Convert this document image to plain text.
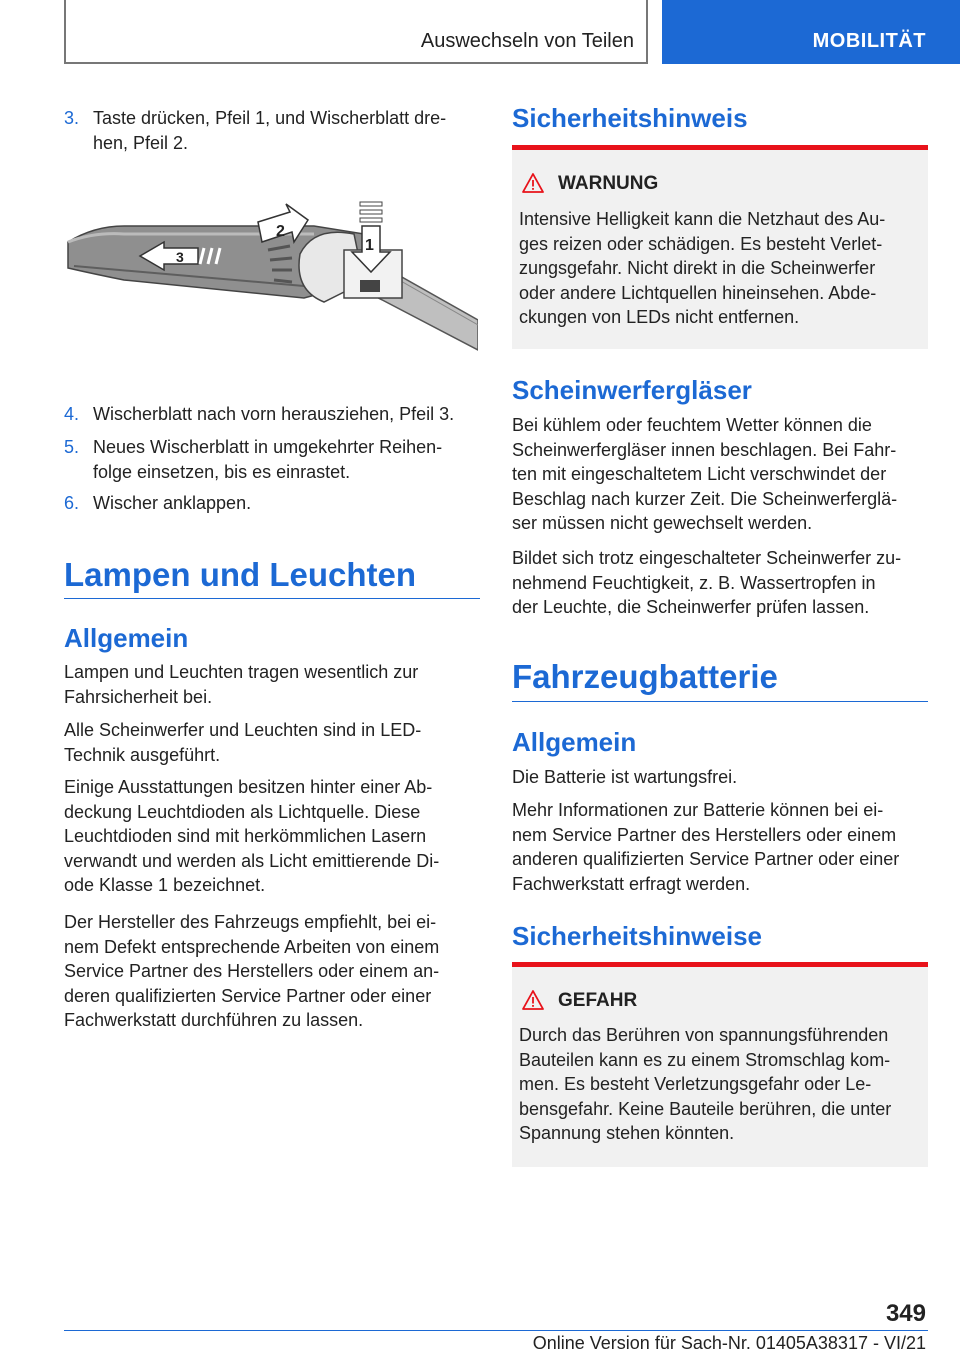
Auswechseln von Teilen	MOBILITÄT
3. Taste drücken, Pfeil 1, und Wischerblatt dre‐
hen, Pfeil 2.
1
2
3
4. Wischerblatt nach vorn herausziehen, Pfeil 3.
5. Neues Wischerblatt in umgekehrter Reihen‐
folge einsetzen, bis es einrastet.
6. Wischer anklappen.
Lampen und Leuchten
Allgemein
Lampen und Leuchten tragen wesentlich zur
Fahrsicherheit bei.
Alle Scheinwerfer und Leuchten sind in LED-
Technik ausgeführt.
Einige Ausstattungen besitzen hinter einer Ab‐
deckung Leuchtdioden als Lichtquelle. Diese
Leuchtdioden sind mit herkömmlichen Lasern
verwandt und werden als Licht emittierende Di‐
ode Klasse 1 bezeichnet.
Der Hersteller des Fahrzeugs empfiehlt, bei ei‐
nem Defekt entsprechende Arbeiten von einem
Service Partner des Herstellers oder einem an‐
deren qualifizierten Service Partner oder einer
Fachwerkstatt durchführen zu lassen.
Sicherheitshinweis
WARNUNG
Intensive Helligkeit kann die Netzhaut des Au‐
ges reizen oder schädigen. Es besteht Verlet‐
zungsgefahr. Nicht direkt in die Scheinwerfer
oder andere Lichtquellen hineinsehen. Abde‐
ckungen von LEDs nicht entfernen.
Scheinwerfergläser
Bei kühlem oder feuchtem Wetter können die
Scheinwerfergläser innen beschlagen. Bei Fahr‐
ten mit eingeschaltetem Licht verschwindet der
Beschlag nach kurzer Zeit. Die Scheinwerferglä‐
ser müssen nicht gewechselt werden.
Bildet sich trotz eingeschalteter Scheinwerfer zu‐
nehmend Feuchtigkeit, z. B. Wassertropfen in
der Leuchte, die Scheinwerfer prüfen lassen.
Fahrzeugbatterie
Allgemein
Die Batterie ist wartungsfrei.
Mehr Informationen zur Batterie können bei ei‐
nem Service Partner des Herstellers oder einem
anderen qualifizierten Service Partner oder einer
Fachwerkstatt erfragt werden.
Sicherheitshinweise
GEFAHR
Durch das Berühren von spannungsführenden
Bauteilen kann es zu einem Stromschlag kom‐
men. Es besteht Verletzungsgefahr oder Le‐
bensgefahr. Keine Bauteile berühren, die unter
Spannung stehen könnten.
349
Online Version für Sach-Nr. 01405A38317 - VI/21
